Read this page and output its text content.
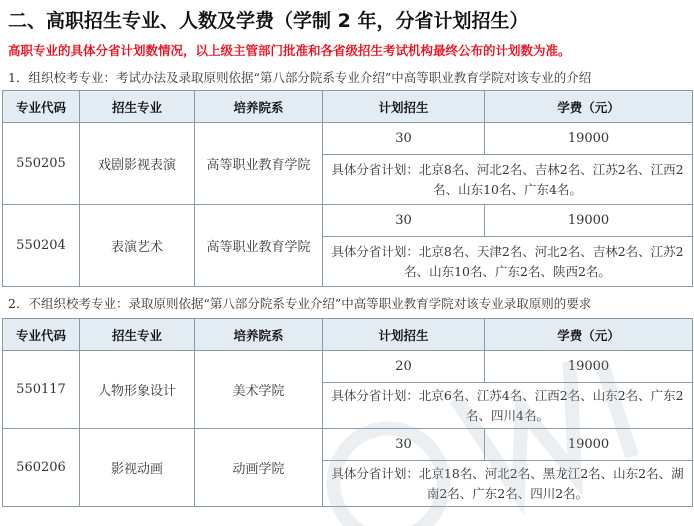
二、高职招生专业、人数及学费（学制 2 年，分省计划招生）
高职专业的具体分省计划数情况，以上级主管部门批准和各省级招生考试机构最终公布的计划数为准。
1．组织校考专业：考试办法及录取原则依据“第八部分院系专业介绍”中高等职业教育学院对该专业的介绍
专业代码	招生专业	培养院系	计划招生	学费（元）
550205	戏剧影视表演	高等职业教育学院	30	19000
			具体分省计划：北京8名、河北2名、吉林2名、江苏2名、江西2名、山东10名、广东4名。	
550204	表演艺术	高等职业教育学院	30	19000
			具体分省计划：北京8名、天津2名、河北2名、吉林2名、江苏2名、山东10名、广东2名、陕西2名。	
2．不组织校考专业：录取原则依据“第八部分院系专业介绍”中高等职业教育学院对该专业录取原则的要求
专业代码	招生专业	培养院系	计划招生	学费（元）
550117	人物形象设计	美术学院	20	19000
			具体分省计划：北京6名、江苏4名、江西2名、山东2名、广东2名、四川4名。	
560206	影视动画	动画学院	30	19000
			具体分省计划：北京18名、河北2名、黑龙江2名、山东2名、湖南2名、广东2名、四川2名。	
